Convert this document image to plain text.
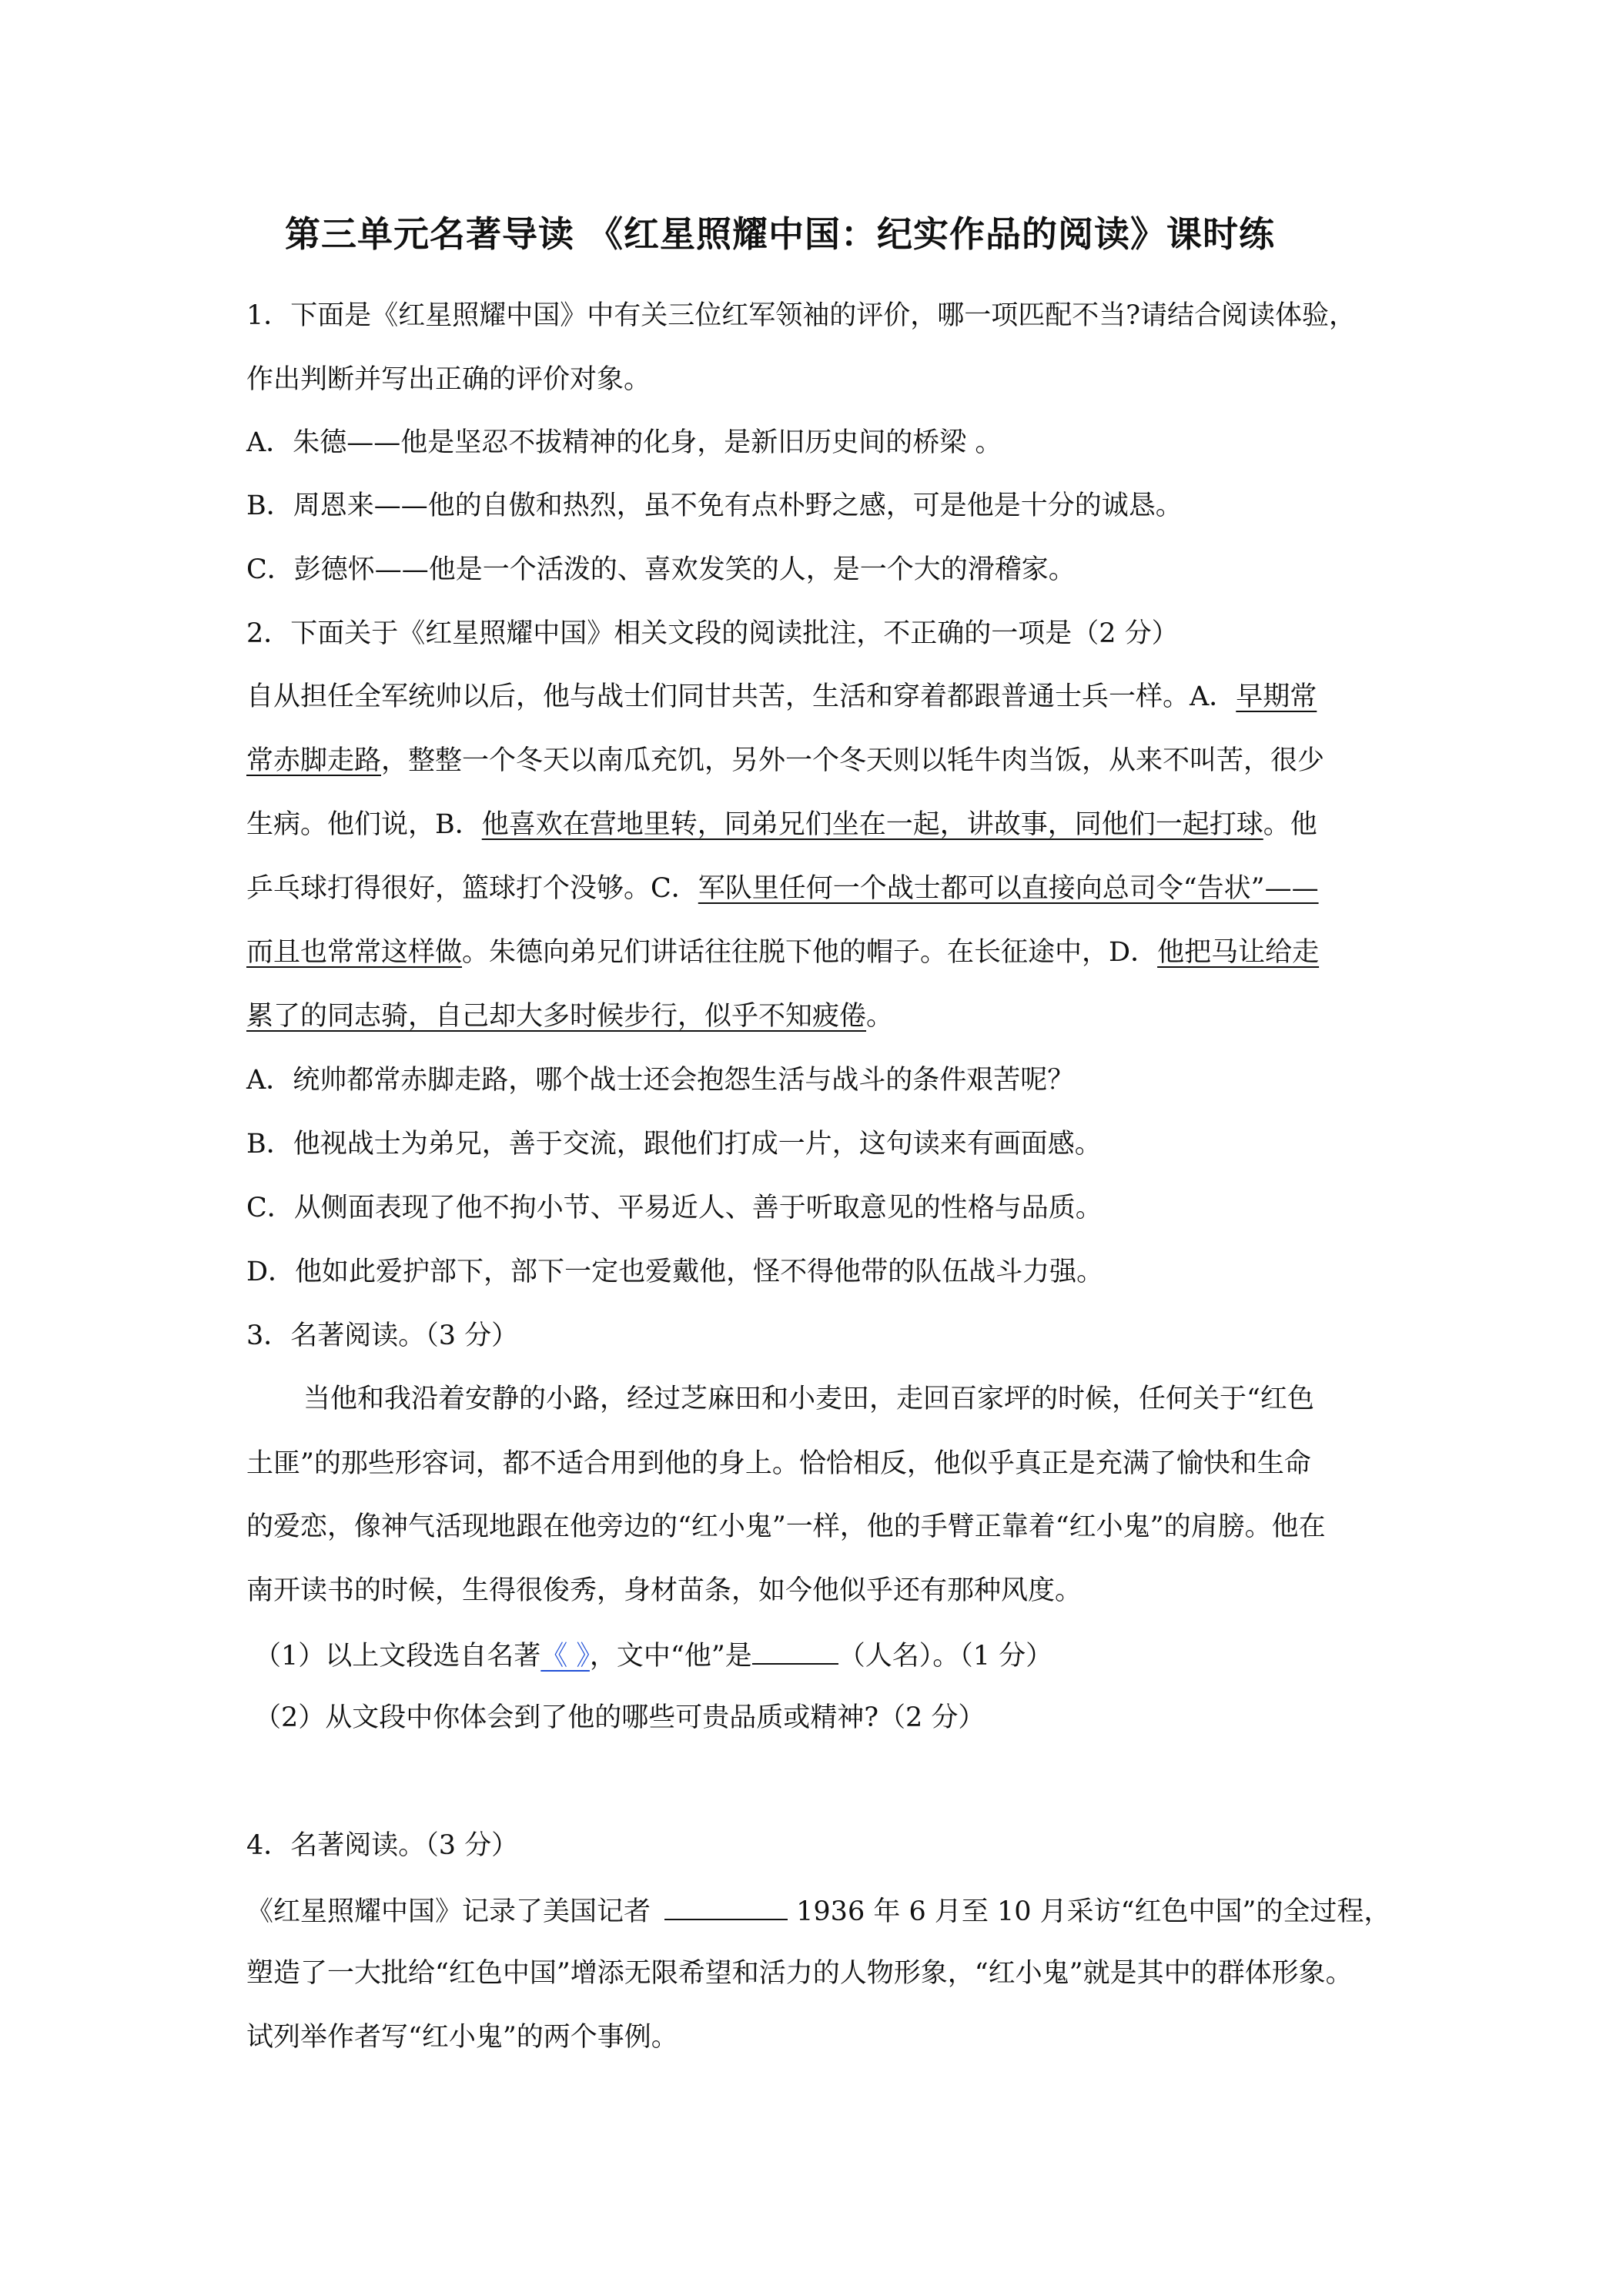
第三单元名著导读 《红星照耀中国：纪实作品的阅读》课时练
1．下面是《红星照耀中国》中有关三位红军领袖的评价，哪一项匹配不当?请结合阅读体验，
作出判断并写出正确的评价对象。
A．朱德——他是坚忍不拔精神的化身，是新旧历史间的桥梁 。
B．周恩来——他的自傲和热烈，虽不免有点朴野之感，可是他是十分的诚恳。
C．彭德怀——他是一个活泼的、喜欢发笑的人，是一个大的滑稽家。
2．下面关于《红星照耀中国》相关文段的阅读批注，不正确的一项是（2 分）
自从担任全军统帅以后，他与战士们同甘共苦，生活和穿着都跟普通士兵一样。A．早期常
常赤脚走路，整整一个冬天以南瓜充饥，另外一个冬天则以牦牛肉当饭，从来不叫苦，很少
生病。他们说，B．他喜欢在营地里转，同弟兄们坐在一起，讲故事，同他们一起打球。他
乒乓球打得很好，篮球打个没够。C．军队里任何一个战士都可以直接向总司令“告状”——
而且也常常这样做。朱德向弟兄们讲话往往脱下他的帽子。在长征途中，D．他把马让给走
累了的同志骑，自己却大多时候步行，似乎不知疲倦。
A．统帅都常赤脚走路，哪个战士还会抱怨生活与战斗的条件艰苦呢？
B．他视战士为弟兄，善于交流，跟他们打成一片，这句读来有画面感。
C．从侧面表现了他不拘小节、平易近人、善于听取意见的性格与品质。
D．他如此爱护部下，部下一定也爱戴他，怪不得他带的队伍战斗力强。
3．名著阅读。（3 分）
当他和我沿着安静的小路，经过芝麻田和小麦田，走回百家坪的时候，任何关于“红色
土匪”的那些形容词，都不适合用到他的身上。恰恰相反，他似乎真正是充满了愉快和生命
的爱恋，像神气活现地跟在他旁边的“红小鬼”一样，他的手臂正靠着“红小鬼”的肩膀。他在
南开读书的时候，生得很俊秀，身材苗条，如今他似乎还有那种风度。
（1）以上文段选自名著《 》，文中“他”是	（人名）。（1 分）
（2）从文段中你体会到了他的哪些可贵品质或精神?（2 分）
4．名著阅读。（3 分）
《红星照耀中国》记录了美国记者	1936 年 6 月至 10 月采访“红色中国”的全过程，
塑造了一大批给“红色中国”增添无限希望和活力的人物形象，“红小鬼”就是其中的群体形象。
试列举作者写“红小鬼”的两个事例。
